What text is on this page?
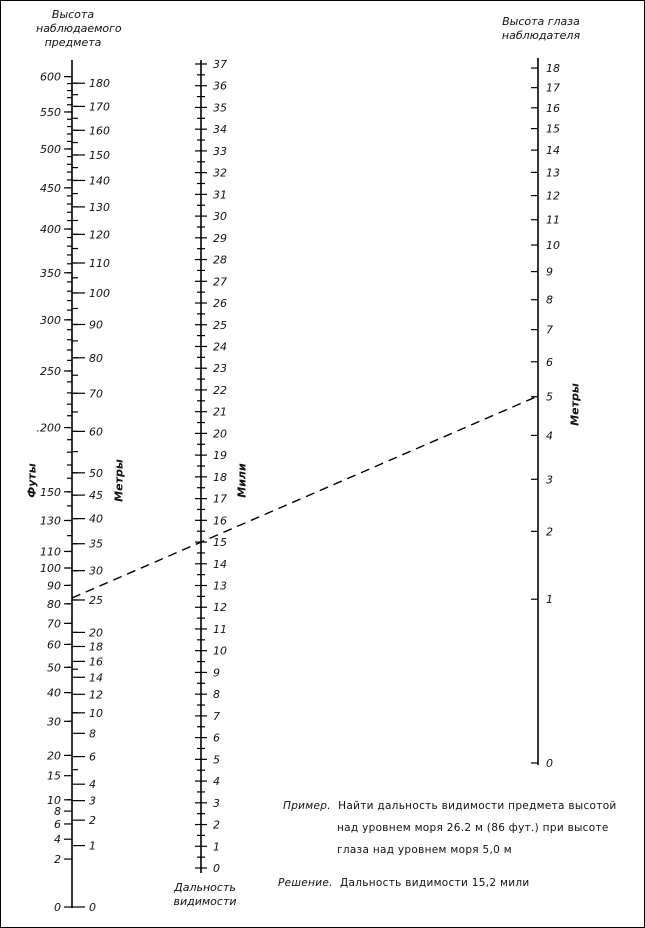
0
2
4
6
8
10
15
20
30
40
50
60
70
80
90
100
110
130
150
.200
250
300
350
400
450
500
550
600
0
1
2
3
4
6
8
10
12
14
16
18
20
25
30
35
40
45
50
60
70
80
90
100
110
120
130
140
150
160
170
180
0
1
2
3
4
5
6
7
8
9
10
11
12
13
14
15
16
17
18
19
20
21
22
23
24
25
26
27
28
29
30
31
32
33
34
35
36
37
0
1
2
3
4
5
6
7
8
9
10
11
12
13
14
15
16
17
18
Высота
наблюдаемого
предмета
Высота глаза
наблюдателя
Дальность
видимости
Футы	Метры	Мили
Метры
Пример. Найти дальность видимости предмета высотой
над уровнем моря 26.2 м (86 фут.) при высоте
глаза над уровнем моря 5,0 м
Решение. Дальность видимости 15,2 мили
